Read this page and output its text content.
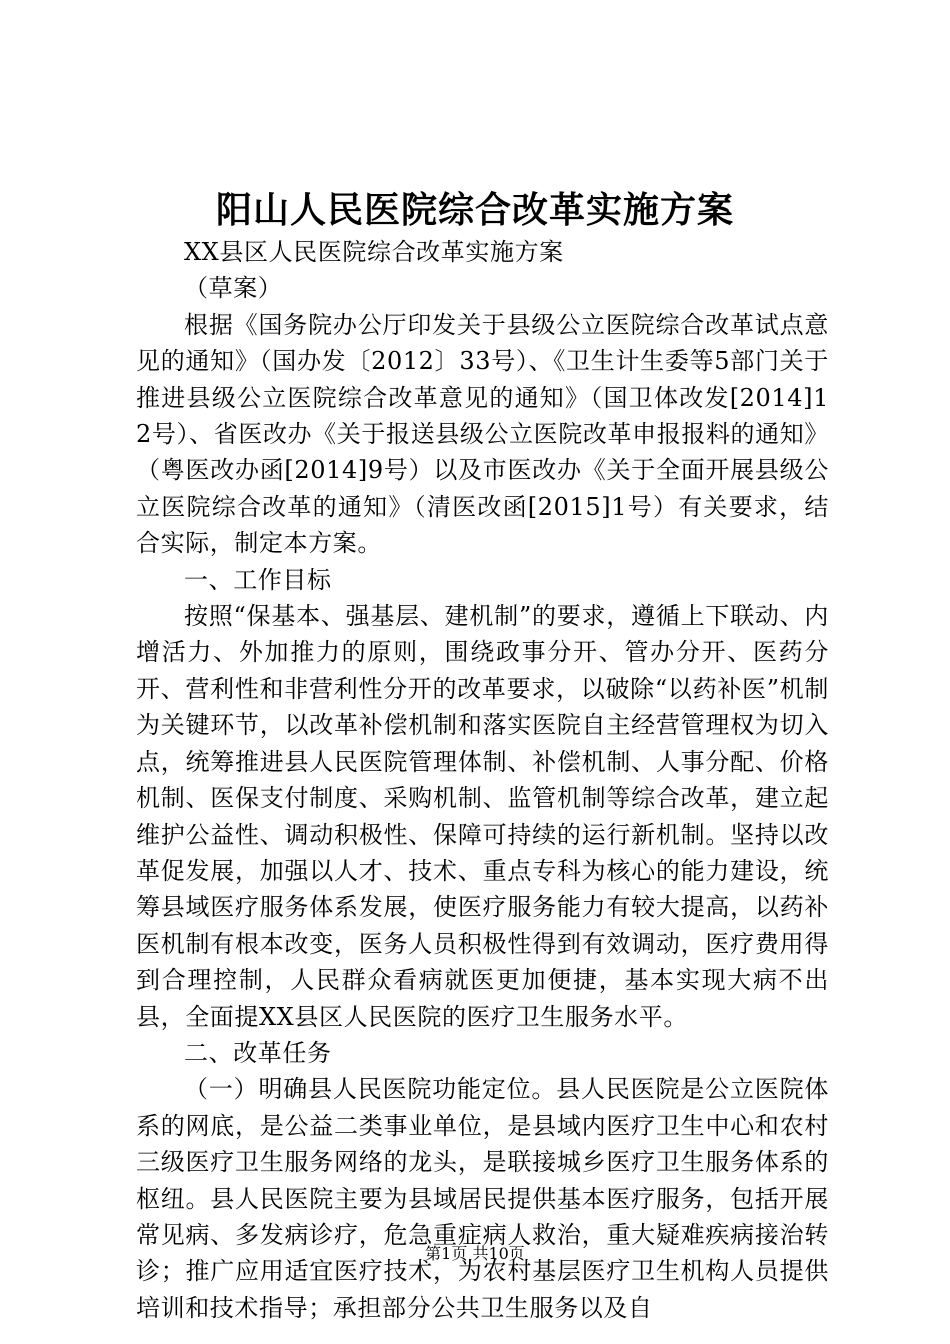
阳山人民医院综合改革实施方案

XX县区人民医院综合改革实施方案

（草案）

根据《国务院办公厅印发关于县级公立医院综合改革试点意见的通知》（国办发〔2012〕33号）、《卫生计生委等5部门关于推进县级公立医院综合改革意见的通知》（国卫体改发[2014]12号）、省医改办《关于报送县级公立医院改革申报报料的通知》（粤医改办函[2014]9号）以及市医改办《关于全面开展县级公立医院综合改革的通知》（清医改函[2015]1号）有关要求，结合实际，制定本方案。

一、工作目标

按照“保基本、强基层、建机制”的要求，遵循上下联动、内增活力、外加推力的原则，围绕政事分开、管办分开、医药分开、营利性和非营利性分开的改革要求，以破除“以药补医”机制为关键环节，以改革补偿机制和落实医院自主经营管理权为切入点，统筹推进县人民医院管理体制、补偿机制、人事分配、价格机制、医保支付制度、采购机制、监管机制等综合改革，建立起维护公益性、调动积极性、保障可持续的运行新机制。坚持以改革促发展，加强以人才、技术、重点专科为核心的能力建设，统筹县域医疗服务体系发展，使医疗服务能力有较大提高，以药补医机制有根本改变，医务人员积极性得到有效调动，医疗费用得到合理控制，人民群众看病就医更加便捷，基本实现大病不出县，全面提XX县区人民医院的医疗卫生服务水平。

二、改革任务

（一）明确县人民医院功能定位。县人民医院是公立医院体系的网底，是公益二类事业单位，是县域内医疗卫生中心和农村三级医疗卫生服务网络的龙头，是联接城乡医疗卫生服务体系的枢纽。县人民医院主要为县域居民提供基本医疗服务，包括开展常见病、多发病诊疗，危急重症病人救治，重大疑难疾病接治转诊；推广应用适宜医疗技术，为农村基层医疗卫生机构人员提供培训和技术指导；承担部分公共卫生服务以及自

第1页 共10页
